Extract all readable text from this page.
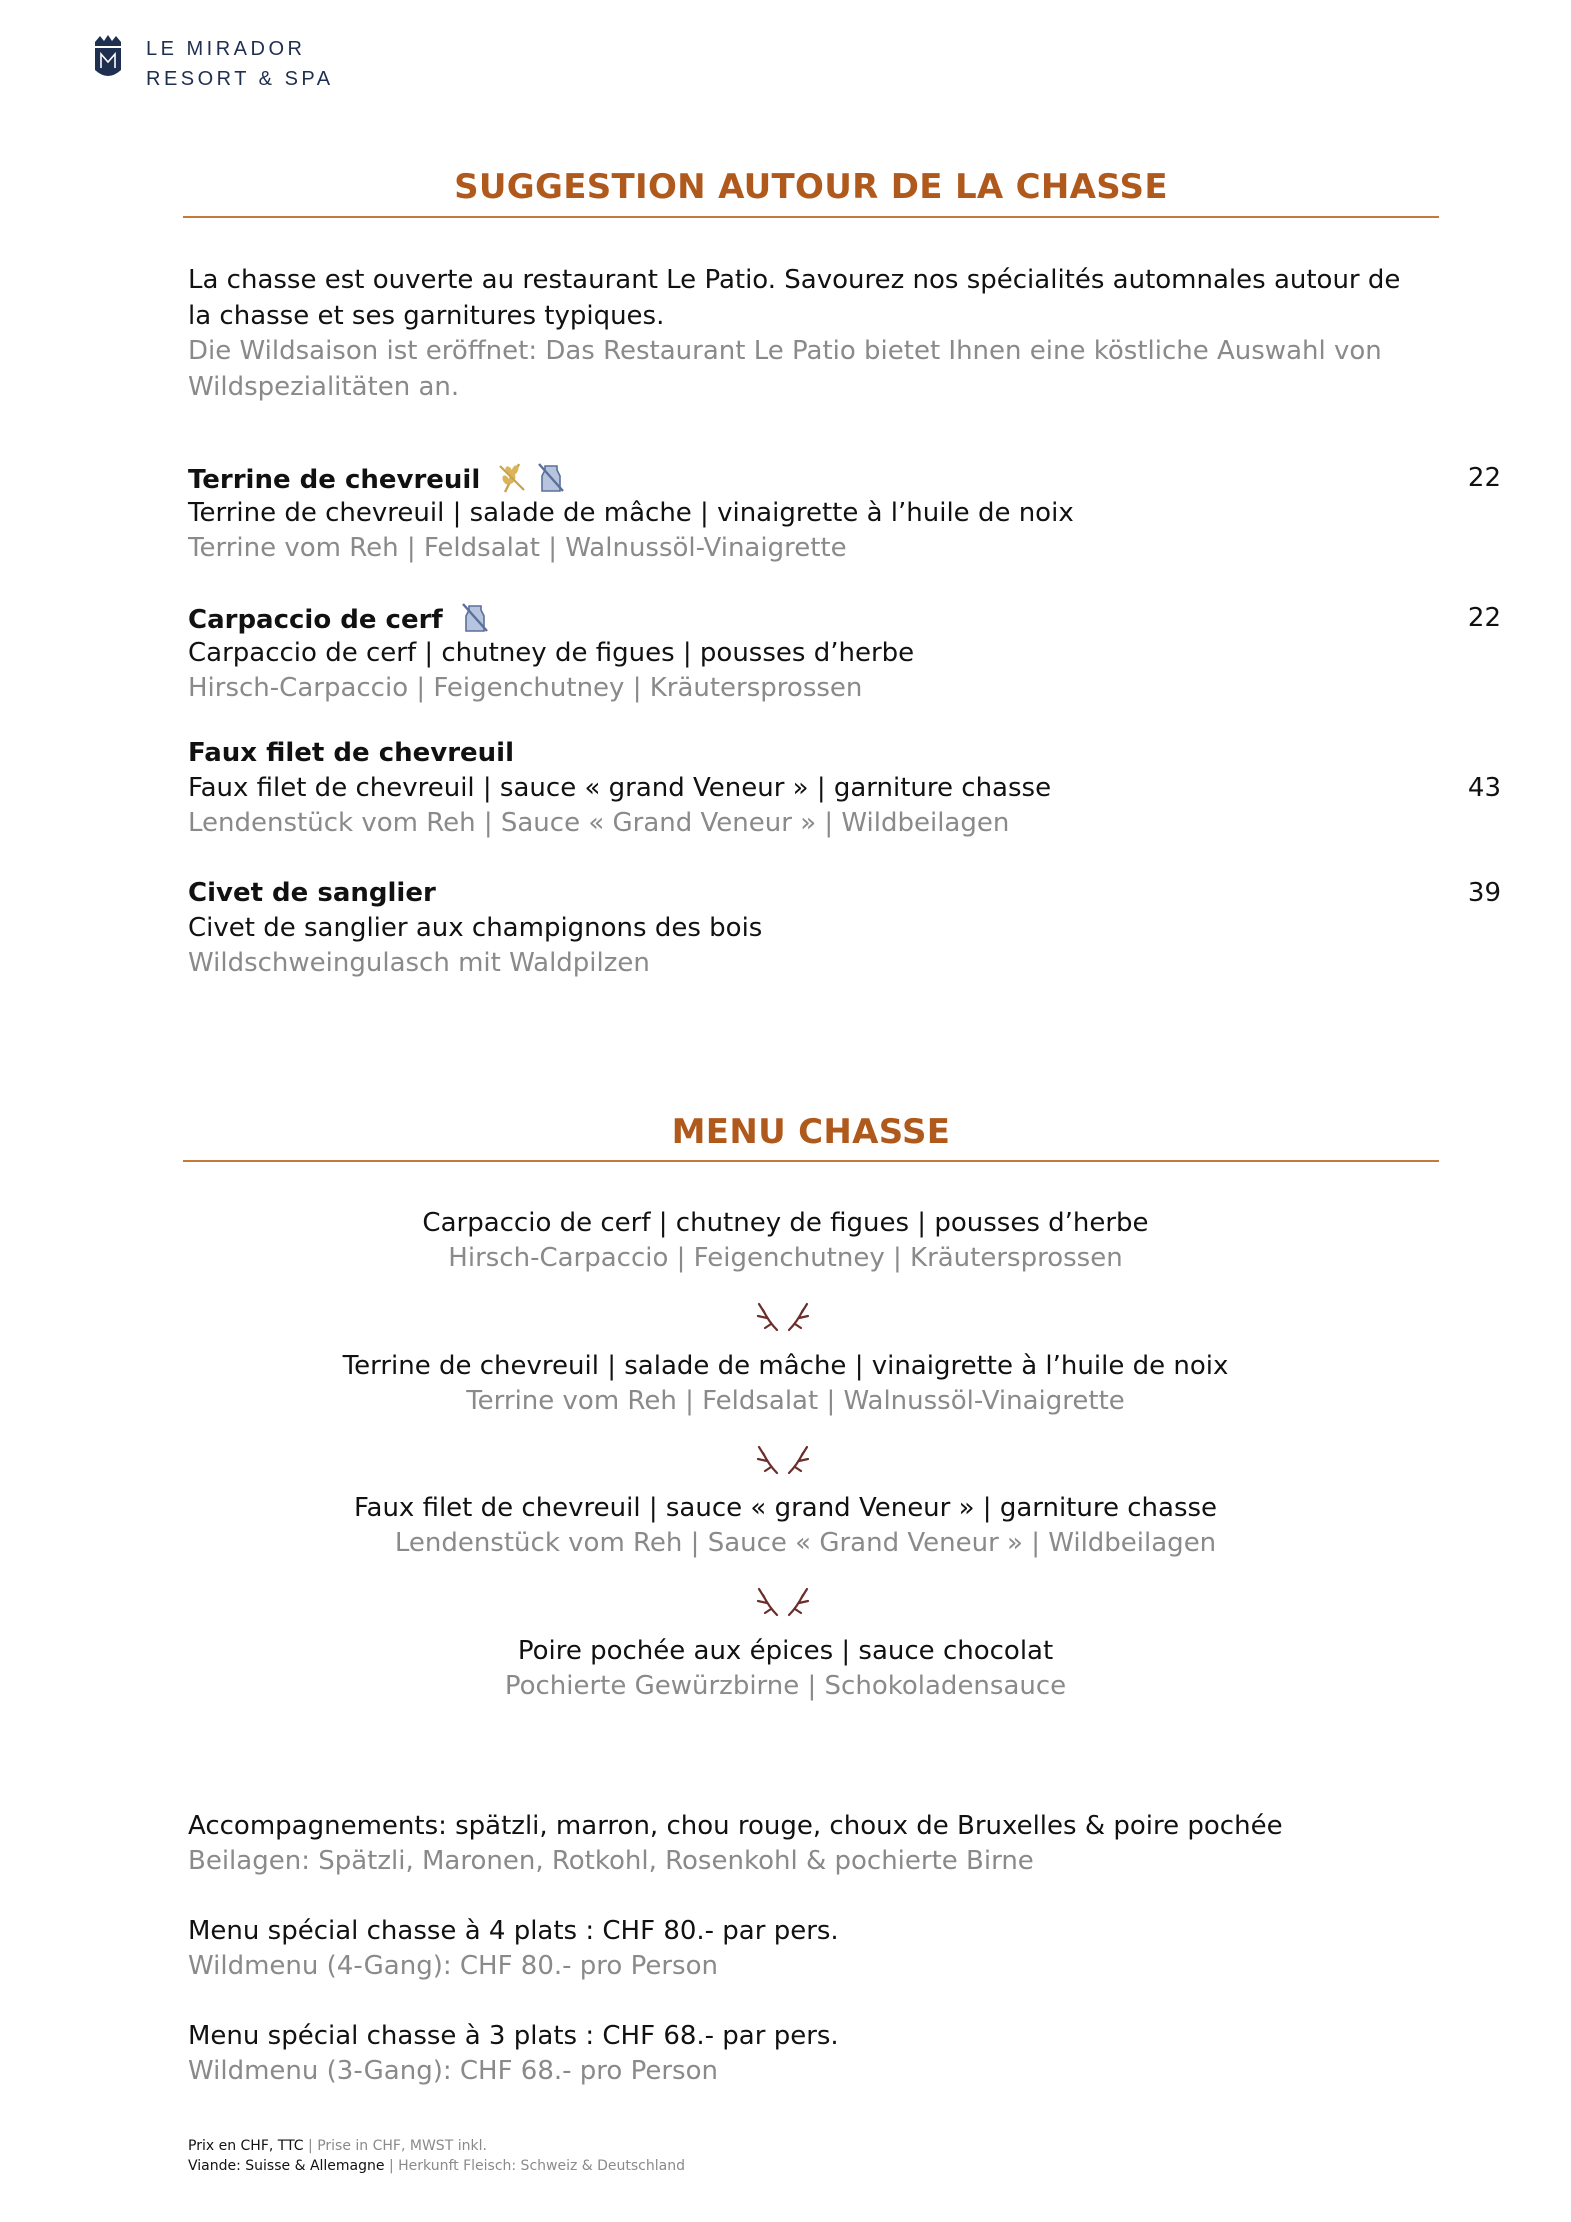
LE MIRADOR
RESORT & SPA
SUGGESTION AUTOUR DE LA CHASSE
La chasse est ouverte au restaurant Le Patio. Savourez nos spécialités automnales autour de
la chasse et ses garnitures typiques.
Die Wildsaison ist eröffnet: Das Restaurant Le Patio bietet Ihnen eine köstliche Auswahl von
Wildspezialitäten an.
Terrine de chevreuil	22
Terrine de chevreuil | salade de mâche | vinaigrette à l’huile de noix
Terrine vom Reh | Feldsalat | Walnussöl-Vinaigrette
Carpaccio de cerf	22
Carpaccio de cerf | chutney de figues | pousses d’herbe
Hirsch-Carpaccio | Feigenchutney | Kräutersprossen
Faux filet de chevreuil
Faux filet de chevreuil | sauce « grand Veneur » | garniture chasse	43
Lendenstück vom Reh | Sauce « Grand Veneur » | Wildbeilagen
Civet de sanglier	39
Civet de sanglier aux champignons des bois
Wildschweingulasch mit Waldpilzen
MENU CHASSE
Carpaccio de cerf | chutney de figues | pousses d’herbe
Hirsch-Carpaccio | Feigenchutney | Kräutersprossen
Terrine de chevreuil | salade de mâche | vinaigrette à l’huile de noix
Terrine vom Reh | Feldsalat | Walnussöl-Vinaigrette
Faux filet de chevreuil | sauce « grand Veneur » | garniture chasse
Lendenstück vom Reh | Sauce « Grand Veneur » | Wildbeilagen
Poire pochée aux épices | sauce chocolat
Pochierte Gewürzbirne | Schokoladensauce
Accompagnements: spätzli, marron, chou rouge, choux de Bruxelles & poire pochée
Beilagen: Spätzli, Maronen, Rotkohl, Rosenkohl & pochierte Birne
Menu spécial chasse à 4 plats : CHF 80.- par pers.
Wildmenu (4-Gang): CHF 80.- pro Person
Menu spécial chasse à 3 plats : CHF 68.- par pers.
Wildmenu (3-Gang): CHF 68.- pro Person
Prix en CHF, TTC | Prise in CHF, MWST inkl.
Viande: Suisse & Allemagne | Herkunft Fleisch: Schweiz & Deutschland
